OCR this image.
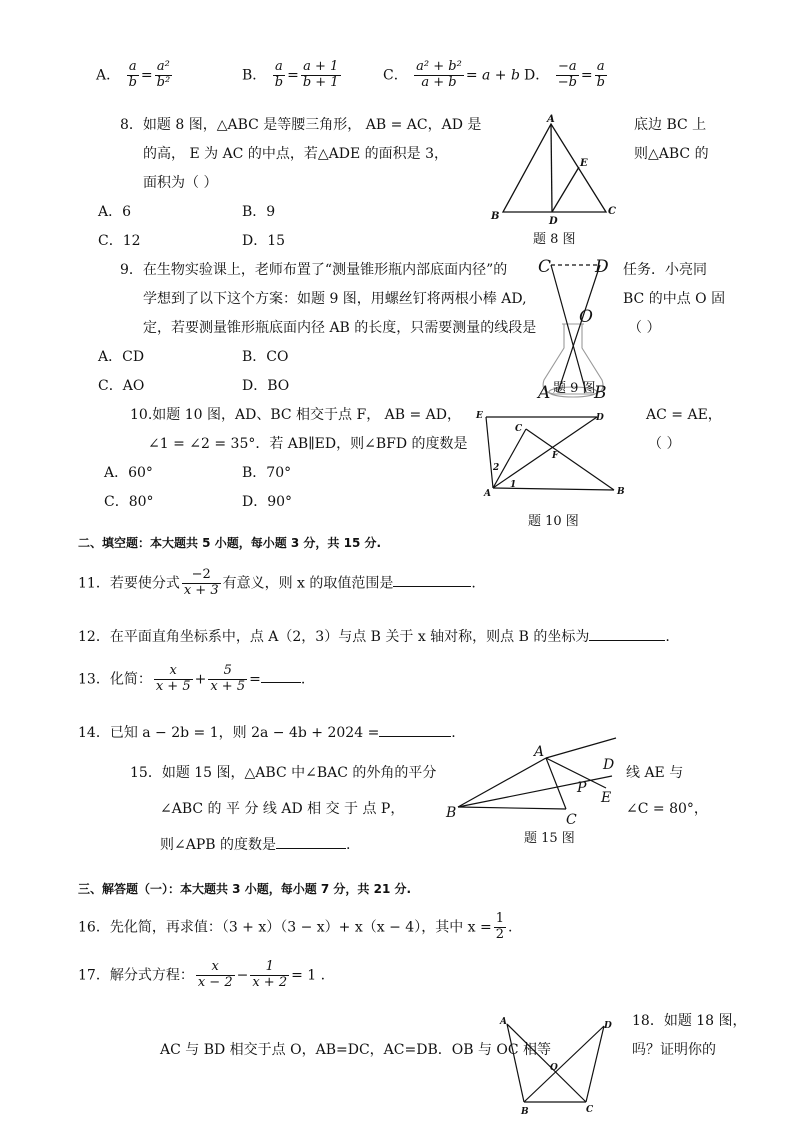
A． $\frac{a}{b} = \frac{\text{a²}}{\text{b²}}$	B． $\frac{a}{b} = \frac{a + 1}{b + 1}$	C． $\frac{\text{a² + b²}}{a + b} = a + b$ D． $\frac{-a}{-b} = \frac{a}{b}$
8．如题 8 图，△ABC 是等腰三角形， AB = AC，AD 是	底边 BC 上
的高， E 为 AC 的中点，若△ADE 的面积是 3，	则△ABC 的
面积为（ ）
A．6	B．9
C．12	D．15
A
B	C
D
E
题 8 图
9．在生物实验课上，老师布置了“测量锥形瓶内部底面内径”的	任务．小亮同
学想到了以下这个方案：如题 9 图，用螺丝钉将两根小棒 AD,	BC 的中点 O 固
定，若要测量锥形瓶底面内径 AB 的长度，只需要测量的线段是	（ ）
A．CD	B．CO
C．AO	D．BO
C	D
O
A	B
题 9 图
10.如题 10 图，AD、BC 相交于点 F， AB = AD，	AC = AE，
∠1 = ∠2 = 35°．若 AB∥ED，则∠BFD 的度数是	（ ）
A．60°	B．70°
C．80°	D．90°
E	D
C
F
A	B
2
1
题 10 图
二、填空题：本大题共 5 小题，每小题 3 分，共 15 分.
11．若要使分式 $\frac{-2}{x + 3}$ 有意义，则 x 的取值范围是	.
12．在平面直角坐标系中，点 A（2，3）与点 B 关于 x 轴对称，则点 B 的坐标为	.
13．化简： $\frac{x}{x + 5} + \frac{5}{x + 5}$ =	.
14．已知 a − 2b = 1，则 2a − 4b + 2024 =	.
15．如题 15 图，△ABC 中∠BAC 的外角的平分	线 AE 与
∠ABC 的 平 分 线 AD 相 交 于 点 P，	∠C = 80°，
则∠APB 的度数是	.
A
B	C
D
E
P
题 15 图
三、解答题（一）：本大题共 3 小题，每小题 7 分，共 21 分.
16．先化简，再求值：（3 + x）（3 − x）+ x（x − 4），其中 $x = \frac{1}{2}$ .
17．解分式方程： $\frac{x}{x - 2} - \frac{1}{x + 2} = 1$ .
18．如题 18 图，
AC 与 BD 相交于点 O，AB=DC，AC=DB．OB 与 OC 相等	吗？证明你的
A	D
O
B	C
